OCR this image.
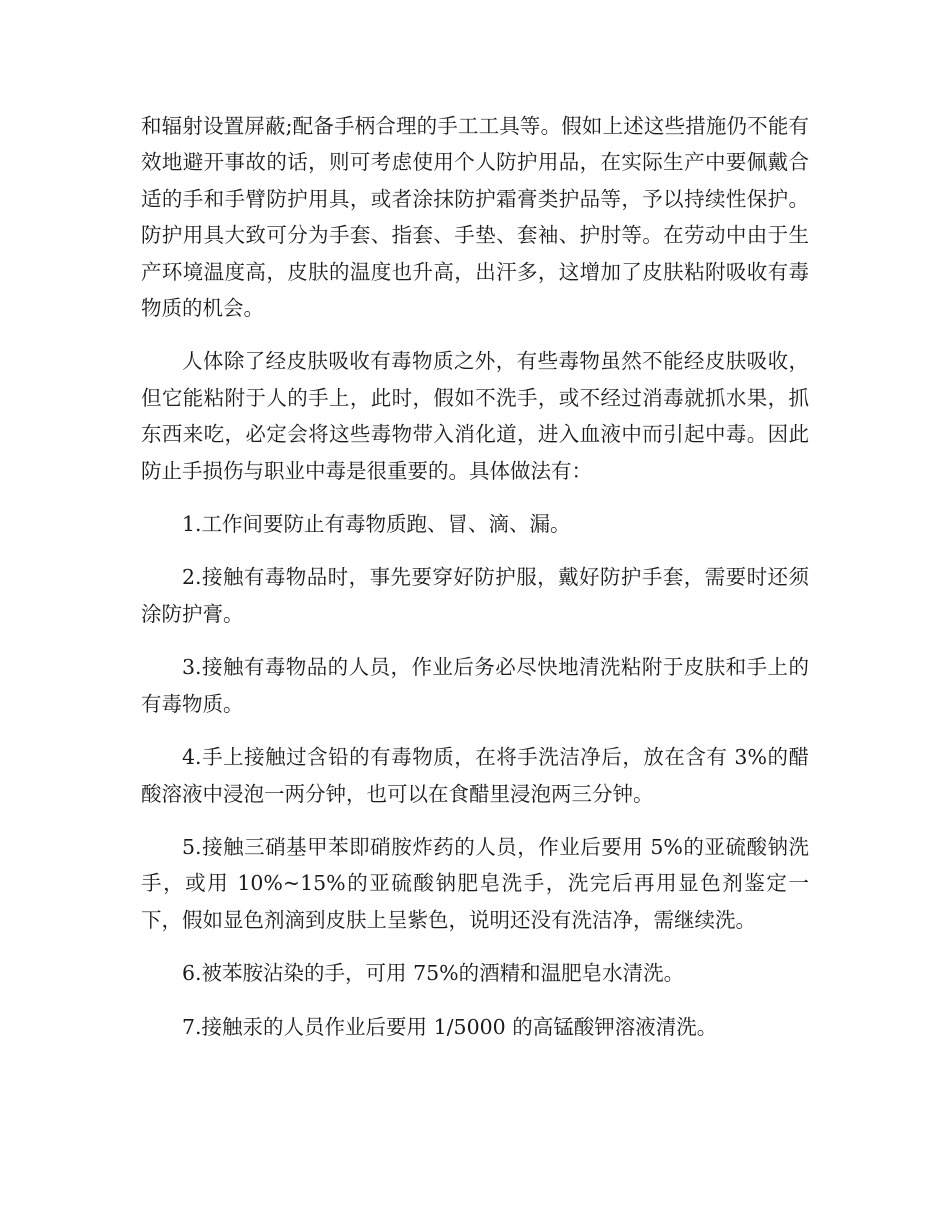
和辐射设置屏蔽;配备手柄合理的手工工具等。假如上述这些措施仍不能有效地避开事故的话，则可考虑使用个人防护用品，在实际生产中要佩戴合适的手和手臂防护用具，或者涂抹防护霜膏类护品等，予以持续性保护。防护用具大致可分为手套、指套、手垫、套袖、护肘等。在劳动中由于生产环境温度高，皮肤的温度也升高，出汗多，这增加了皮肤粘附吸收有毒物质的机会。

人体除了经皮肤吸收有毒物质之外，有些毒物虽然不能经皮肤吸收，但它能粘附于人的手上，此时，假如不洗手，或不经过消毒就抓水果，抓东西来吃，必定会将这些毒物带入消化道，进入血液中而引起中毒。因此防止手损伤与职业中毒是很重要的。具体做法有：

1.工作间要防止有毒物质跑、冒、滴、漏。

2.接触有毒物品时，事先要穿好防护服，戴好防护手套，需要时还须涂防护膏。

3.接触有毒物品的人员，作业后务必尽快地清洗粘附于皮肤和手上的有毒物质。

4.手上接触过含铅的有毒物质，在将手洗洁净后，放在含有 3%的醋酸溶液中浸泡一两分钟，也可以在食醋里浸泡两三分钟。

5.接触三硝基甲苯即硝胺炸药的人员，作业后要用 5%的亚硫酸钠洗手，或用 10%~15%的亚硫酸钠肥皂洗手，洗完后再用显色剂鉴定一下，假如显色剂滴到皮肤上呈紫色，说明还没有洗洁净，需继续洗。

6.被苯胺沾染的手，可用 75%的酒精和温肥皂水清洗。

7.接触汞的人员作业后要用 1/5000 的高锰酸钾溶液清洗。
